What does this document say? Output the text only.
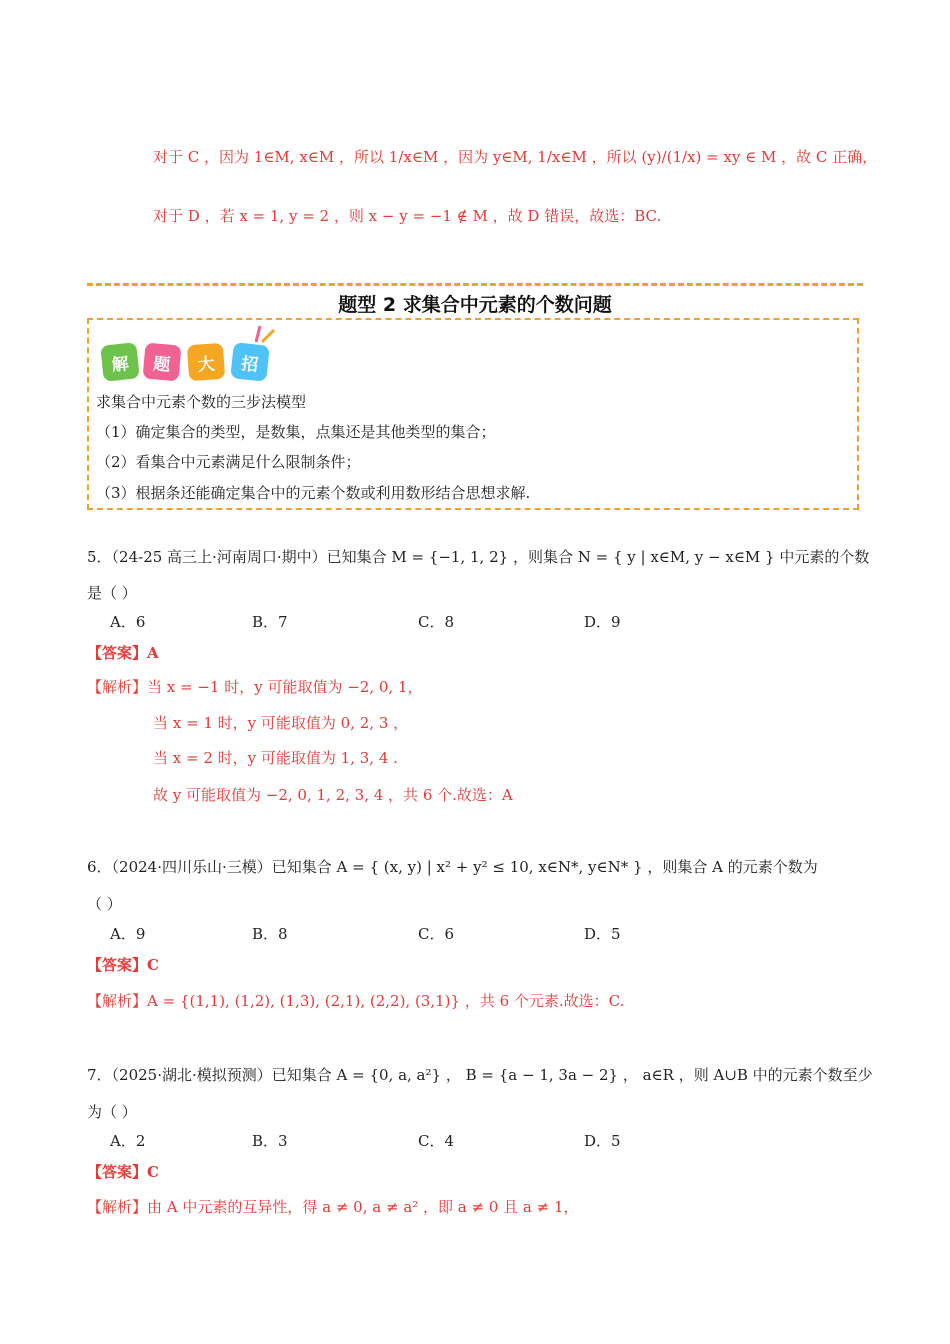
对于 C ，因为 1∈M, x∈M ，所以 1/x∈M ，因为 y∈M, 1/x∈M ，所以 (y)/(1/x) = xy ∈ M ，故 C 正确，
对于 D ，若 x = 1, y = 2 ，则 x − y = −1 ∉ M ，故 D 错误，故选：BC.
题型 2 求集合中元素的个数问题
解	题	大	招
求集合中元素个数的三步法模型
（1）确定集合的类型，是数集，点集还是其他类型的集合；
（2）看集合中元素满足什么限制条件；
（3）根据条还能确定集合中的元素个数或利用数形结合思想求解.
5．（24-25 高三上·河南周口·期中）已知集合 M = {−1, 1, 2} ，则集合 N = { y | x∈M, y − x∈M } 中元素的个数
是（ ）
A．6	B．7	C．8	D．9
【答案】A
【解析】当 x = −1 时，y 可能取值为 −2, 0, 1，
当 x = 1 时，y 可能取值为 0, 2, 3 ，
当 x = 2 时，y 可能取值为 1, 3, 4 .
故 y 可能取值为 −2, 0, 1, 2, 3, 4 ，共 6 个.故选：A
6．（2024·四川乐山·三模）已知集合 A = { (x, y) | x² + y² ≤ 10, x∈N*, y∈N* } ，则集合 A 的元素个数为
（ ）
A．9	B．8	C．6	D．5
【答案】C
【解析】A = {(1,1), (1,2), (1,3), (2,1), (2,2), (3,1)} ，共 6 个元素.故选：C.
7．（2025·湖北·模拟预测）已知集合 A = {0, a, a²} ， B = {a − 1, 3a − 2} ， a∈R ，则 A∪B 中的元素个数至少
为（ ）
A．2	B．3	C．4	D．5
【答案】C
【解析】由 A 中元素的互异性，得 a ≠ 0, a ≠ a² ，即 a ≠ 0 且 a ≠ 1，
